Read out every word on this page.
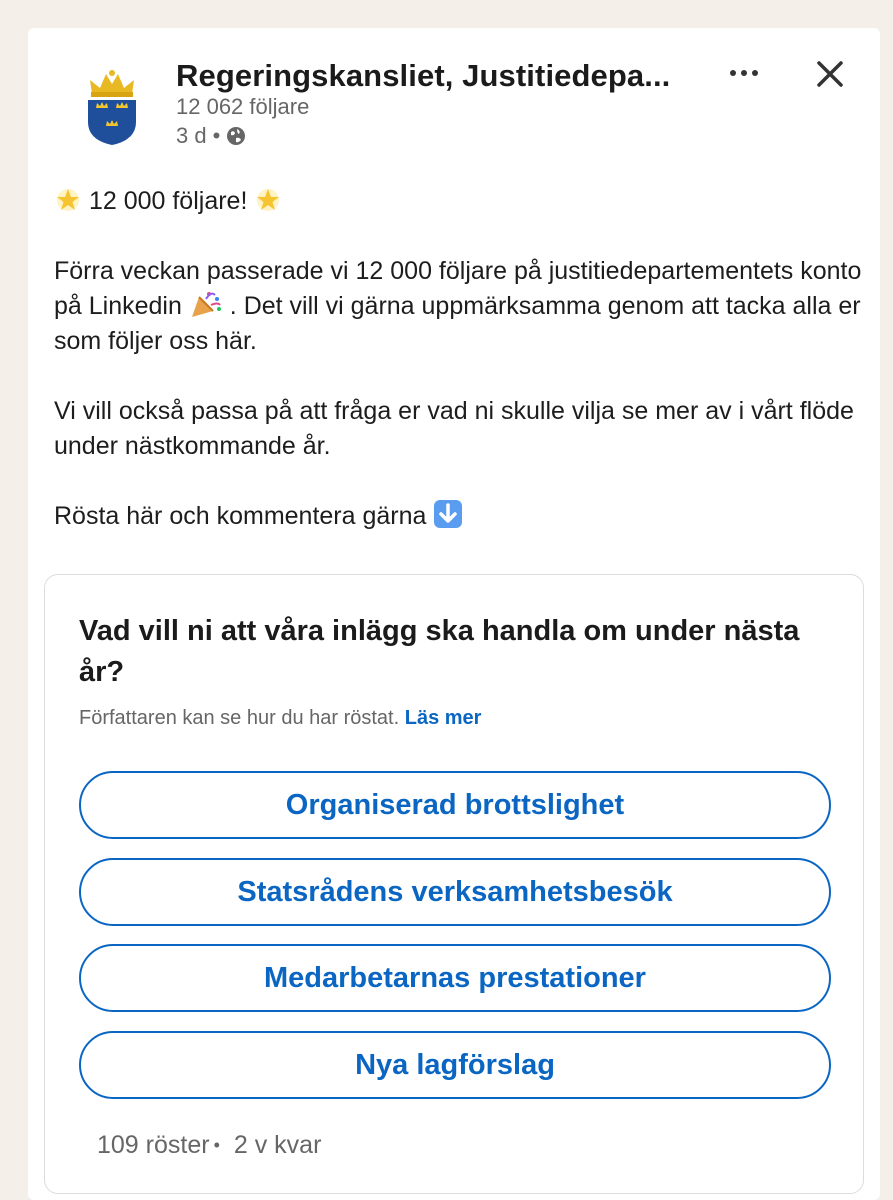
Regeringskansliet, Justitiedepa...
12 062 följare
3 d •
12 000 följare!
Förra veckan passerade vi 12 000 följare på justitiedepartementets konto på Linkedin . Det vill vi gärna uppmärksamma genom att tacka alla er som följer oss här.
Vi vill också passa på att fråga er vad ni skulle vilja se mer av i vårt flöde under nästkommande år.
Rösta här och kommentera gärna
Vad vill ni att våra inlägg ska handla om under nästa år?
Författaren kan se hur du har röstat. Läs mer
Organiserad brottslighet
Statsrådens verksamhetsbesök
Medarbetarnas prestationer
Nya lagförslag
109 röster • 2 v kvar
